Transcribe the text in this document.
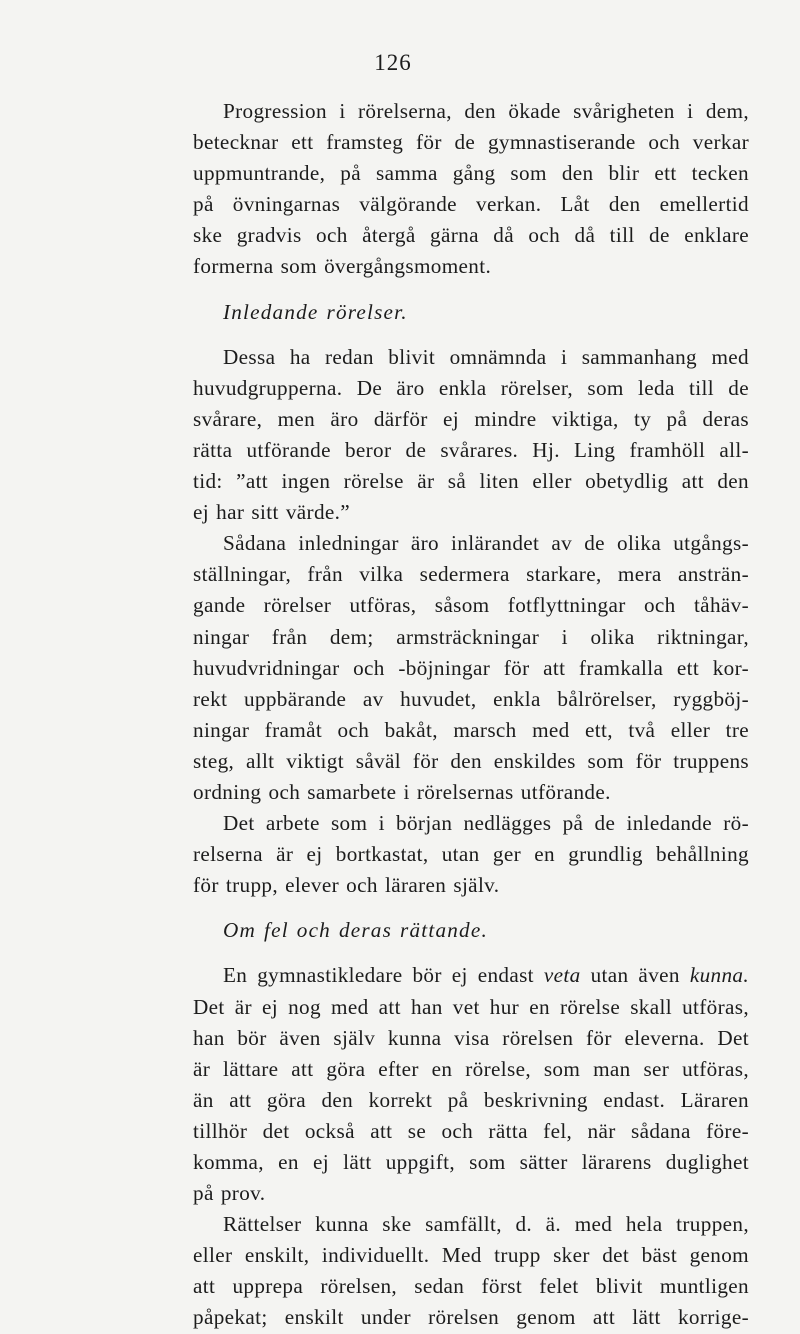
126
Progression i rörelserna, den ökade svårigheten i dem,
betecknar ett framsteg för de gymnastiserande och verkar
uppmuntrande, på samma gång som den blir ett tecken
på övningarnas välgörande verkan. Låt den emellertid
ske gradvis och återgå gärna då och då till de enklare
formerna som övergångsmoment.
Inledande rörelser.
Dessa ha redan blivit omnämnda i sammanhang med
huvudgrupperna. De äro enkla rörelser, som leda till de
svårare, men äro därför ej mindre viktiga, ty på deras
rätta utförande beror de svårares. Hj. Ling framhöll all-
tid: ”att ingen rörelse är så liten eller obetydlig att den
ej har sitt värde.”
Sådana inledningar äro inlärandet av de olika utgångs-
ställningar, från vilka sedermera starkare, mera ansträn-
gande rörelser utföras, såsom fotflyttningar och tåhäv-
ningar från dem; armsträckningar i olika riktningar,
huvudvridningar och -böjningar för att framkalla ett kor-
rekt uppbärande av huvudet, enkla bålrörelser, ryggböj-
ningar framåt och bakåt, marsch med ett, två eller tre
steg, allt viktigt såväl för den enskildes som för truppens
ordning och samarbete i rörelsernas utförande.
Det arbete som i början nedlägges på de inledande rö-
relserna är ej bortkastat, utan ger en grundlig behållning
för trupp, elever och läraren själv.
Om fel och deras rättande.
En gymnastikledare bör ej endast veta utan även kunna.
Det är ej nog med att han vet hur en rörelse skall utföras,
han bör även själv kunna visa rörelsen för eleverna. Det
är lättare att göra efter en rörelse, som man ser utföras,
än att göra den korrekt på beskrivning endast. Läraren
tillhör det också att se och rätta fel, när sådana före-
komma, en ej lätt uppgift, som sätter lärarens duglighet
på prov.
Rättelser kunna ske samfällt, d. ä. med hela truppen,
eller enskilt, individuellt. Med trupp sker det bäst genom
att upprepa rörelsen, sedan först felet blivit muntligen
påpekat; enskilt under rörelsen genom att lätt korrige-
